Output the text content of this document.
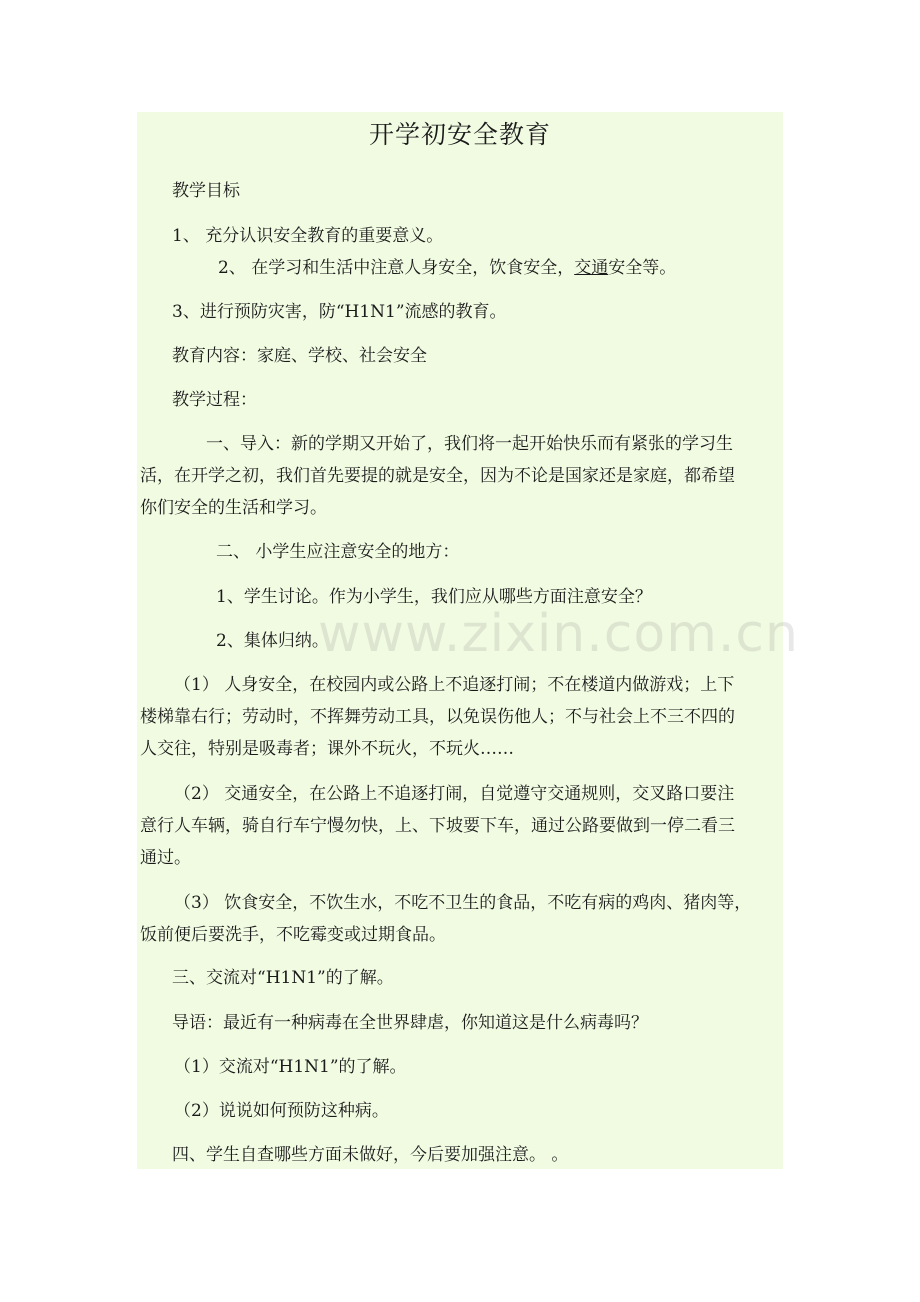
开学初安全教育
教学目标
1、 充分认识安全教育的重要意义。
2、 在学习和生活中注意人身安全，饮食安全，交通安全等。
3、进行预防灾害，防“H1N1”流感的教育。
教育内容：家庭、学校、社会安全
教学过程：
一、导入：新的学期又开始了，我们将一起开始快乐而有紧张的学习生
活，在开学之初，我们首先要提的就是安全，因为不论是国家还是家庭，都希望
你们安全的生活和学习。
二、 小学生应注意安全的地方：
1、学生讨论。作为小学生，我们应从哪些方面注意安全？
2、集体归纳。
（1） 人身安全，在校园内或公路上不追逐打闹；不在楼道内做游戏；上下
楼梯靠右行；劳动时，不挥舞劳动工具，以免误伤他人；不与社会上不三不四的
人交往，特别是吸毒者；课外不玩火，不玩火……
（2） 交通安全，在公路上不追逐打闹，自觉遵守交通规则，交叉路口要注
意行人车辆，骑自行车宁慢勿快，上、下坡要下车，通过公路要做到一停二看三
通过。
（3） 饮食安全，不饮生水，不吃不卫生的食品，不吃有病的鸡肉、猪肉等，
饭前便后要洗手，不吃霉变或过期食品。
三、交流对“H1N1”的了解。
导语：最近有一种病毒在全世界肆虐，你知道这是什么病毒吗？
（1）交流对“H1N1”的了解。
（2）说说如何预防这种病。
四、学生自查哪些方面未做好，今后要加强注意。 。
www.zixin.com.cn
